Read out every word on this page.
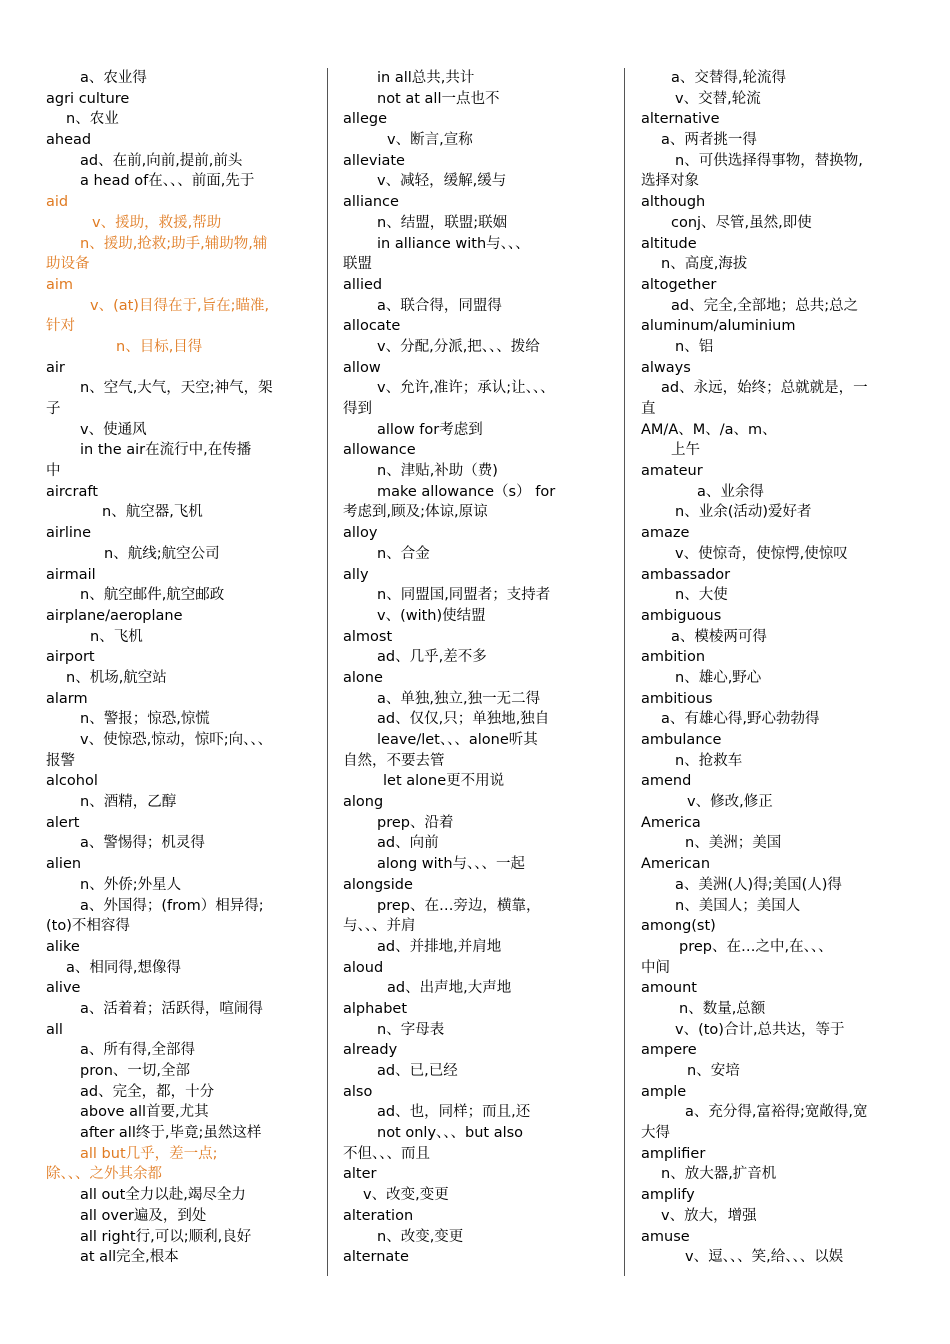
a、农业得
agri culture
n、农业
ahead
ad、在前,向前,提前,前头
a head of在、、、前面,先于
aid
v、援助，救援,帮助
n、援助,抢救;助手,辅助物,辅
助设备
aim
v、(at)目得在于,旨在;瞄准,
针对
n、目标,目得
air
n、空气,大气，天空;神气，架
子
v、使通风
in the air在流行中,在传播
中
aircraft
n、航空器,飞机
airline
n、航线;航空公司
airmail
n、航空邮件,航空邮政
airplane/aeroplane
n、飞机
airport
n、机场,航空站
alarm
n、警报；惊恐,惊慌
v、使惊恐,惊动，惊吓;向、、、
报警
alcohol
n、酒精，乙醇
alert
a、警惕得；机灵得
alien
n、外侨;外星人
a、外国得；(from）相异得;
(to)不相容得
alike
a、相同得,想像得
alive
a、活着着；活跃得，喧闹得
all
a、所有得,全部得
pron、一切,全部
ad、完全，都，十分
above all首要,尤其
after all终于,毕竟;虽然这样
all but几乎，差一点;
除、、、之外其余都
all out全力以赴,竭尽全力
all over遍及，到处
all right行,可以;顺利,良好
at all完全,根本
in all总共,共计
not at all一点也不
allege
v、断言,宣称
alleviate
v、减轻，缓解,缓与
alliance
n、结盟，联盟;联姻
in alliance with与、、、
联盟
allied
a、联合得，同盟得
allocate
v、分配,分派,把、、、拨给
allow
v、允许,准许；承认;让、、、
得到
allow for考虑到
allowance
n、津贴,补助（费)
make allowance（s） for
考虑到,顾及;体谅,原谅
alloy
n、合金
ally
n、同盟国,同盟者；支持者
v、(with)使结盟
almost
ad、几乎,差不多
alone
a、单独,独立,独一无二得
ad、仅仅,只；单独地,独自
leave/let、、、alone听其
自然，不要去管
let alone更不用说
along
prep、沿着
ad、向前
along with与、、、一起
alongside
prep、在…旁边，横靠，
与、、、并肩
ad、并排地,并肩地
aloud
ad、出声地,大声地
alphabet
n、字母表
already
ad、已,已经
also
ad、也，同样；而且,还
not only、、、but also
不但、、、而且
alter
v、改变,变更
alteration
n、改变,变更
alternate
a、交替得,轮流得
v、交替,轮流
alternative
a、两者挑一得
n、可供选择得事物，替换物,
选择对象
although
conj、尽管,虽然,即使
altitude
n、高度,海拔
altogether
ad、完全,全部地；总共;总之
aluminum/aluminium
n、铝
always
ad、永远，始终；总就就是，一
直
AM/A、M、/a、m、
上午
amateur
a、业余得
n、业余(活动)爱好者
amaze
v、使惊奇，使惊愕,使惊叹
ambassador
n、大使
ambiguous
a、模棱两可得
ambition
n、雄心,野心
ambitious
a、有雄心得,野心勃勃得
ambulance
n、抢救车
amend
v、修改,修正
America
n、美洲；美国
American
a、美洲(人)得;美国(人)得
n、美国人；美国人
among(st)
prep、在…之中,在、、、
中间
amount
n、数量,总额
v、(to)合计,总共达，等于
ampere
n、安培
ample
a、充分得,富裕得;宽敞得,宽
大得
amplifier
n、放大器,扩音机
amplify
v、放大，增强
amuse
v、逗、、、笑,给、、、以娱
